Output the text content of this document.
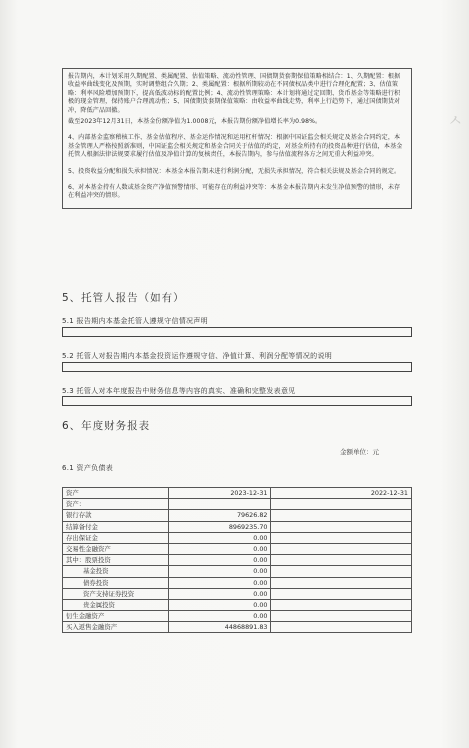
报告期内，本计划采用久期配置、类属配置、估值策略、流动性管理、国债期货套期保值策略相结合：1、久期配置：根据收益率曲线变化及预期，实时调整组合久期；2、类属配置：根据所期较动在不同债权品类中进行合理化配置；3、估值策略：利率风险增加预期下，提高低波动标的配置比例；4、流动性管理策略：本计划将通过定回期、货币基金等策略进行积极的现金管理，保持账户合理流动性；5、国债期货套期保值策略：由收益率曲线走势，利率上行趋势下，通过国债期货对冲，降低产品回撤。

截至2023年12月31日，本基金份额净值为1.0008元，本报告期份额净值增长率为0.98%。

4、内部基金监察稽核工作、基金估值程序、基金运作情况和运用杠杆情况：根据中国证监会相关规定及基金合同约定，本基金管理人严格按照新准则，中国证监会相关规定和基金合同关于估值的约定，对基金所持有的投资品种进行估值，本基金托管人根据法律法规要求履行估值及净值计算的复核责任，本报告期内，参与估值流程各方之间无重大利益冲突。

5、投资收益分配和损失承担情况：本基金本报告期未进行利润分配，无损失承担情况，符合相关法规及基金合同的规定。

6、对本基金持有人数或基金资产净值预警情形、可能存在的利益冲突等：本基金本报告期内未发生净值预警的情形，未存在利益冲突的情形。

5、托管人报告（如有）
5.1 报告期内本基金托管人遵规守信情况声明
5.2 托管人对报告期内本基金投资运作遵规守信、净值计算、利润分配等情况的说明
5.3 托管人对本年度报告中财务信息等内容的真实、准确和完整发表意见
6、年度财务报表
金额单位：元
6.1 资产负债表
资产	2023-12-31	2022-12-31
资产：		
银行存款	79626.82	
结算备付金	8969235.70	
存出保证金	0.00	
交易性金融资产	0.00	
其中：股票投资	0.00	
基金投资	0.00	
债券投资	0.00	
资产支持证券投资	0.00	
贵金属投资	0.00	
衍生金融资产	0.00	
买入返售金融资产	44868891.83	
ㅅ
